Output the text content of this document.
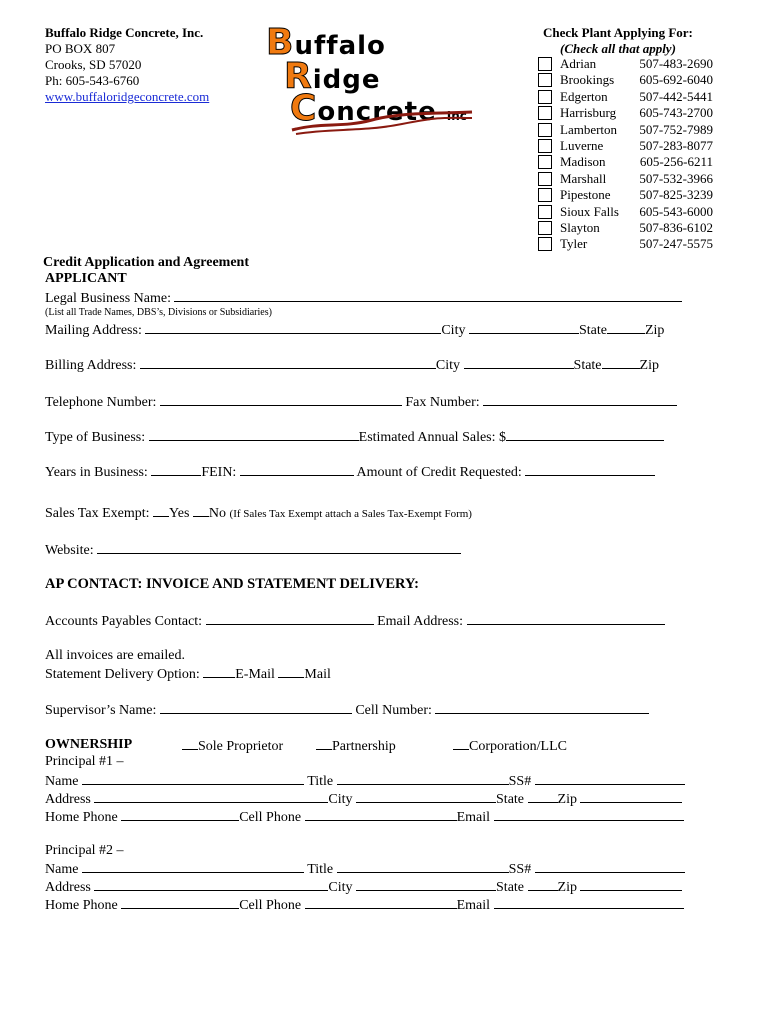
Buffalo Ridge Concrete, Inc.
PO BOX 807
Crooks, SD 57020
Ph: 605-543-6760
www.buffaloridgeconcrete.com
Buffalo
Ridge
Concrete Inc
Check Plant Applying For:
(Check all that apply)
Adrian	507-483-2690
Brookings 605-692-6040
Edgerton 507-442-5441
Harrisburg 605-743-2700
Lamberton 507-752-7989
Luverne	507-283-8077
Madison	605-256-6211
Marshall	507-532-3966
Pipestone 507-825-3239
Sioux Falls 605-543-6000
Slayton	507-836-6102
Tyler	507-247-5575
Credit Application and Agreement
APPLICANT
Legal Business Name:
(List all Trade Names, DBS’s, Divisions or Subsidiaries)
Mailing Address:	City	State	Zip
Billing Address:	City	State	Zip
Telephone Number:	Fax Number:
Type of Business:	Estimated Annual Sales: $
Years in Business:	FEIN:	Amount of Credit Requested:
Sales Tax Exempt: Yes No (If Sales Tax Exempt attach a Sales Tax-Exempt Form)
Website:
AP CONTACT: INVOICE AND STATEMENT DELIVERY:
Accounts Payables Contact:	Email Address:
All invoices are emailed.
Statement Delivery Option:	E-Mail Mail
Supervisor’s Name:	Cell Number:
OWNERSHIP	Sole Proprietor	Partnership	Corporation/LLC
Principal #1 –
Name	Title	SS#
Address	City	State Zip
Home Phone	Cell Phone	Email
Principal #2 –
Name	Title	SS#
Address	City	State Zip
Home Phone	Cell Phone	Email
